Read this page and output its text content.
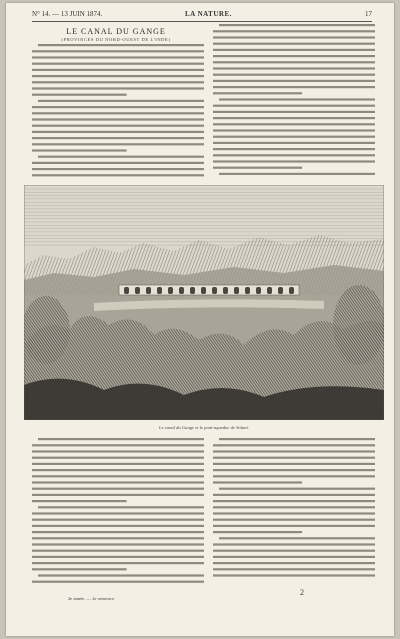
N° 14. — 13 JUIN 1874.	LA NATURE.	17
LE CANAL DU GANGE
(PROVINCES DU NORD-OUEST DE L'INDE)
Le canal du Gange et le pont-aqueduc de Solani.
2e année. — 2e semestre.
2
